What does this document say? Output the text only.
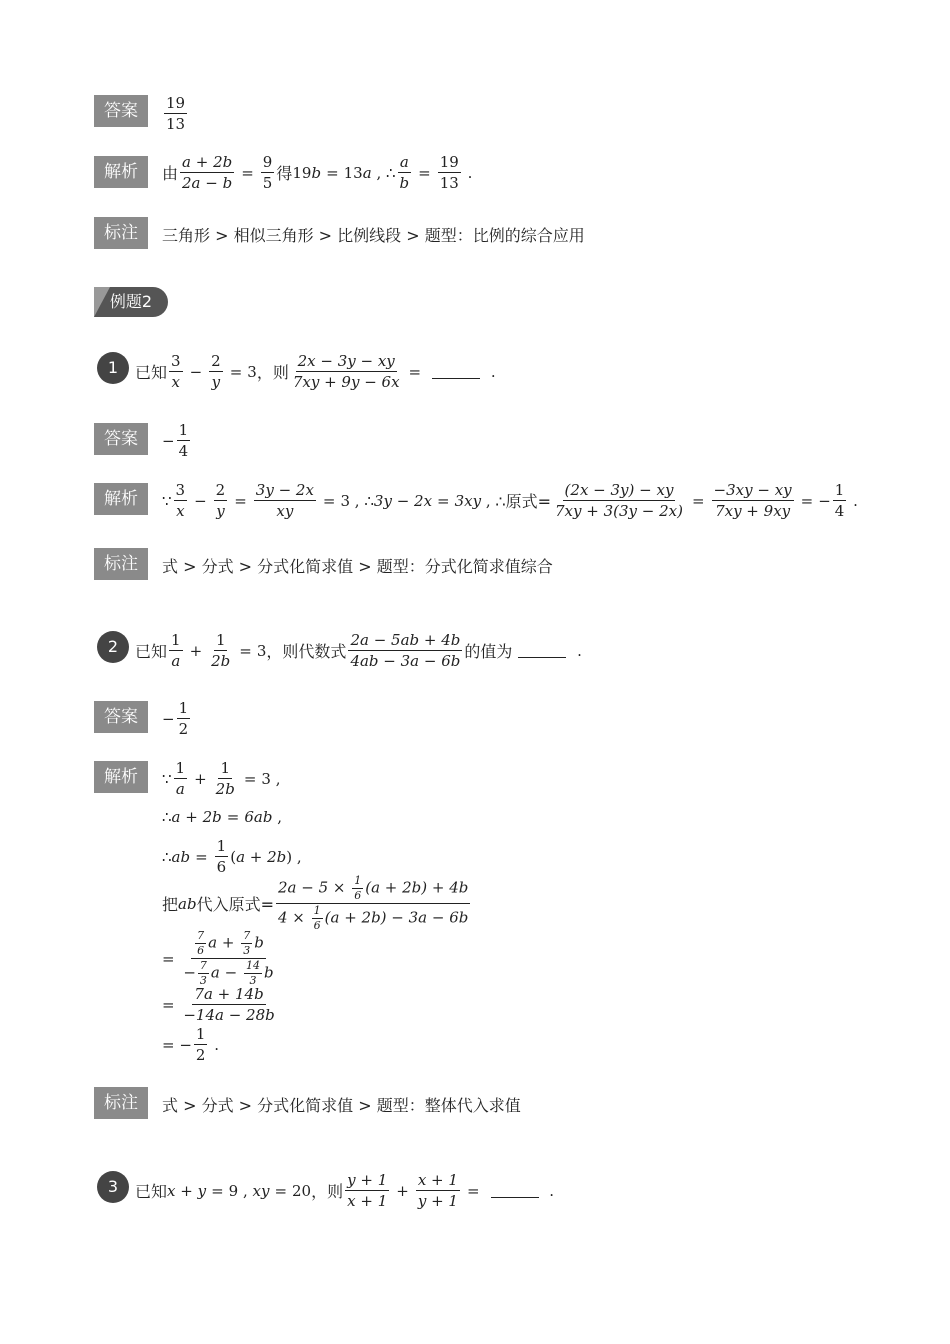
答案	$\frac{19}{13}$
解析	由 $\frac{a + 2b}{2a - b} = \frac{9}{5}$ 得 19 b = 13 a , ∴ $\frac{a}{b} = \frac{19}{13}$ .
标注	三角形 > 相似三角形 > 比例线段 > 题型：比例的综合应用
例题2
1	已知 $\frac{3}{x} - \frac{2}{y} = 3$ ，则 $\frac{2x - 3y - xy}{7xy + 9y - 6x}$ =	.
答案	− $\frac{1}{4}$
解析	∵ $\frac{3}{x} - \frac{2}{y} = \frac{3y - 2x}{xy} = 3$ , ∴ 3y − 2x = 3xy , ∴原式= $\frac{(2x - 3y) - xy}{7xy + 3(3y - 2x)} = \frac{-3xy - xy}{7xy + 9xy}$ = − $\frac{1}{4}$ .
标注	式 > 分式 > 分式化简求值 > 题型：分式化简求值综合
2	已知 $\frac{1}{a} + \frac{1}{2b} = 3$ ，则代数式 $\frac{2a - 5ab + 4b}{4ab - 3a - 6b}$ 的值为	.
答案	− $\frac{1}{2}$
解析	∵ $\frac{1}{a} + \frac{1}{2b} = 3$ ,
∴ a + 2b = 6ab ,
∴ ab = $\frac{1}{6}$ ( a + 2b ) ,
把 ab 代入原式= $\frac{2a - 5 \times \frac{1}{6} (a + 2b) + 4b}{4 \times \frac{1}{6} (a + 2b) - 3a - 6b}$
= $\frac{\frac{7}{6} a + \frac{7}{3} b}{- \frac{7}{3} a - \frac{14}{3} b}$
= $\frac{7a + 14b}{-14a - 28b}$
= − $\frac{1}{2}$ .
标注	式 > 分式 > 分式化简求值 > 题型：整体代入求值
3	已知 x + y = 9 , xy = 20 ，则 $\frac{y + 1}{x + 1} + \frac{x + 1}{y + 1}$ =	.
